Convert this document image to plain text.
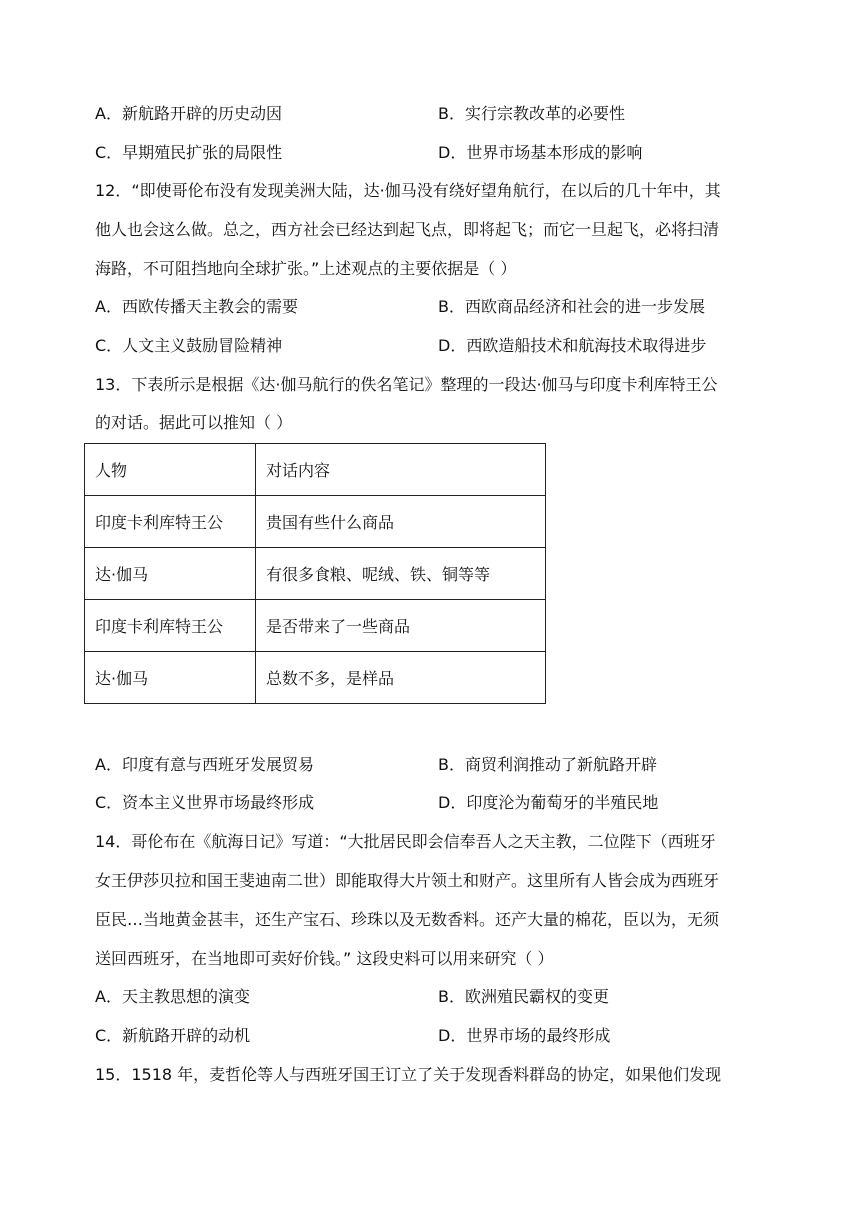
A．新航路开辟的历史动因	B．实行宗教改革的必要性
C．早期殖民扩张的局限性	D．世界市场基本形成的影响
12．“即使哥伦布没有发现美洲大陆，达·伽马没有绕好望角航行，在以后的几十年中，其
他人也会这么做。总之，西方社会已经达到起飞点，即将起飞；而它一旦起飞，必将扫清
海路，不可阻挡地向全球扩张。”上述观点的主要依据是（ ）
A．西欧传播天主教会的需要	B．西欧商品经济和社会的进一步发展
C．人文主义鼓励冒险精神	D．西欧造船技术和航海技术取得进步
13．下表所示是根据《达·伽马航行的佚名笔记》整理的一段达·伽马与印度卡利库特王公
的对话。据此可以推知（ ）
人物	对话内容
印度卡利库特王公	贵国有些什么商品
达·伽马	有很多食粮、呢绒、铁、铜等等
印度卡利库特王公	是否带来了一些商品
达·伽马	总数不多，是样品
A．印度有意与西班牙发展贸易	B．商贸利润推动了新航路开辟
C．资本主义世界市场最终形成	D．印度沦为葡萄牙的半殖民地
14．哥伦布在《航海日记》写道：“大批居民即会信奉吾人之天主教，二位陛下（西班牙
女王伊莎贝拉和国王斐迪南二世）即能取得大片领土和财产。这里所有人皆会成为西班牙
臣民…当地黄金甚丰，还生产宝石、珍珠以及无数香料。还产大量的棉花，臣以为，无须
送回西班牙，在当地即可卖好价钱。” 这段史料可以用来研究（ ）
A．天主教思想的演变	B．欧洲殖民霸权的变更
C．新航路开辟的动机	D．世界市场的最终形成
15．1518 年，麦哲伦等人与西班牙国王订立了关于发现香料群岛的协定，如果他们发现
